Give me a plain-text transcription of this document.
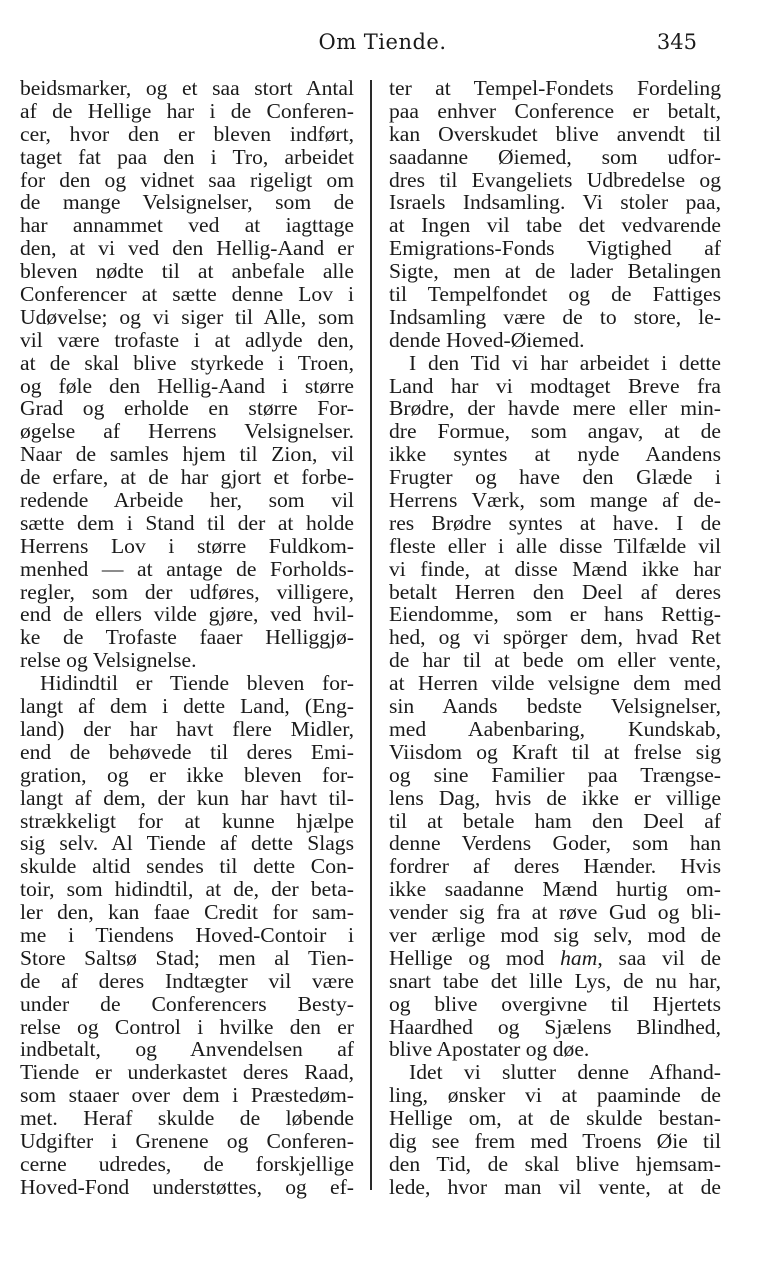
Om Tiende.	345
beidsmarker, og et saa stort Antal
af de Hellige har i de Conferen-
cer, hvor den er bleven indført,
taget fat paa den i Tro, arbeidet
for den og vidnet saa rigeligt om
de mange Velsignelser, som de
har annammet ved at iagttage
den, at vi ved den Hellig-Aand er
bleven nødte til at anbefale alle
Conferencer at sætte denne Lov i
Udøvelse; og vi siger til Alle, som
vil være trofaste i at adlyde den,
at de skal blive styrkede i Troen,
og føle den Hellig-Aand i større
Grad og erholde en større For-
øgelse af Herrens Velsignelser.
Naar de samles hjem til Zion, vil
de erfare, at de har gjort et forbe-
redende Arbeide her, som vil
sætte dem i Stand til der at holde
Herrens Lov i større Fuldkom-
menhed — at antage de Forholds-
regler, som der udføres, villigere,
end de ellers vilde gjøre, ved hvil-
ke de Trofaste faaer Helliggjø-
relse og Velsignelse.
Hidindtil er Tiende bleven for-
langt af dem i dette Land, (Eng-
land) der har havt flere Midler,
end de behøvede til deres Emi-
gration, og er ikke bleven for-
langt af dem, der kun har havt til-
strækkeligt for at kunne hjælpe
sig selv. Al Tiende af dette Slags
skulde altid sendes til dette Con-
toir, som hidindtil, at de, der beta-
ler den, kan faae Credit for sam-
me i Tiendens Hoved-Contoir i
Store Saltsø Stad; men al Tien-
de af deres Indtægter vil være
under de Conferencers Besty-
relse og Control i hvilke den er
indbetalt, og Anvendelsen af
Tiende er underkastet deres Raad,
som staaer over dem i Præstedøm-
met. Heraf skulde de løbende
Udgifter i Grenene og Conferen-
cerne udredes, de forskjellige
Hoved-Fond understøttes, og ef-
ter at Tempel-Fondets Fordeling
paa enhver Conference er betalt,
kan Overskudet blive anvendt til
saadanne Øiemed, som udfor-
dres til Evangeliets Udbredelse og
Israels Indsamling. Vi stoler paa,
at Ingen vil tabe det vedvarende
Emigrations-Fonds Vigtighed af
Sigte, men at de lader Betalingen
til Tempelfondet og de Fattiges
Indsamling være de to store, le-
dende Hoved-Øiemed.
I den Tid vi har arbeidet i dette
Land har vi modtaget Breve fra
Brødre, der havde mere eller min-
dre Formue, som angav, at de
ikke syntes at nyde Aandens
Frugter og have den Glæde i
Herrens Værk, som mange af de-
res Brødre syntes at have. I de
fleste eller i alle disse Tilfælde vil
vi finde, at disse Mænd ikke har
betalt Herren den Deel af deres
Eiendomme, som er hans Rettig-
hed, og vi spörger dem, hvad Ret
de har til at bede om eller vente,
at Herren vilde velsigne dem med
sin Aands bedste Velsignelser,
med Aabenbaring, Kundskab,
Viisdom og Kraft til at frelse sig
og sine Familier paa Trængse-
lens Dag, hvis de ikke er villige
til at betale ham den Deel af
denne Verdens Goder, som han
fordrer af deres Hænder. Hvis
ikke saadanne Mænd hurtig om-
vender sig fra at røve Gud og bli-
ver ærlige mod sig selv, mod de
Hellige og mod ham, saa vil de
snart tabe det lille Lys, de nu har,
og blive overgivne til Hjertets
Haardhed og Sjælens Blindhed,
blive Apostater og døe.
Idet vi slutter denne Afhand-
ling, ønsker vi at paaminde de
Hellige om, at de skulde bestan-
dig see frem med Troens Øie til
den Tid, de skal blive hjemsam-
lede, hvor man vil vente, at de
